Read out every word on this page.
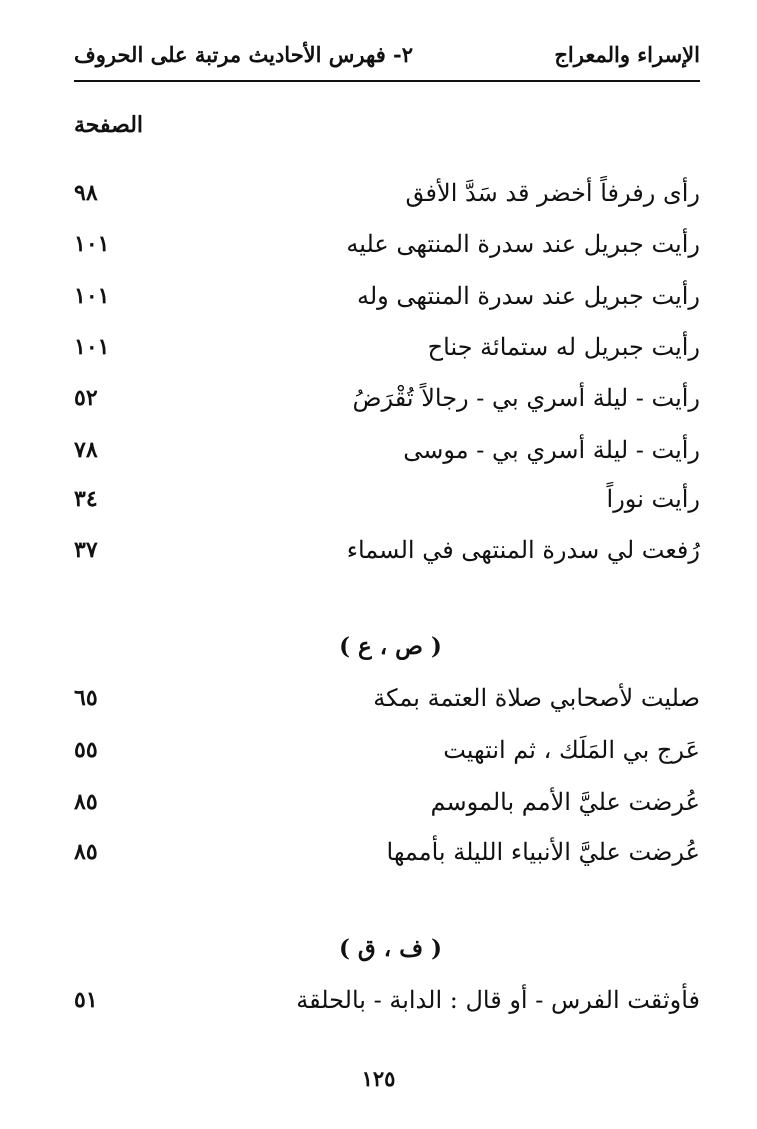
٢- فهرس الأحاديث مرتبة على الحروف	الإسراء والمعراج
الصفحة
٩٨	رأى رفرفاً أخضر قد سَدَّ الأفق
١٠١	رأيت جبريل عند سدرة المنتهى عليه
١٠١	رأيت جبريل عند سدرة المنتهى وله
١٠١	رأيت جبريل له ستمائة جناح
٥٢	رأيت - ليلة أسري بي - رجالاً تُقْرَضُ
٧٨	رأيت - ليلة أسري بي - موسى
٣٤	رأيت نوراً
٣٧	رُفعت لي سدرة المنتهى في السماء
( ص ، ع )
٦٥	صليت لأصحابي صلاة العتمة بمكة
٥٥	عَرج بي المَلَك ، ثم انتهيت
٨٥	عُرضت عليَّ الأمم بالموسم
٨٥	عُرضت عليَّ الأنبياء الليلة بأممها
( ف ، ق )
٥١	فأوثقت الفرس - أو قال : الدابة - بالحلقة
١٢٥
